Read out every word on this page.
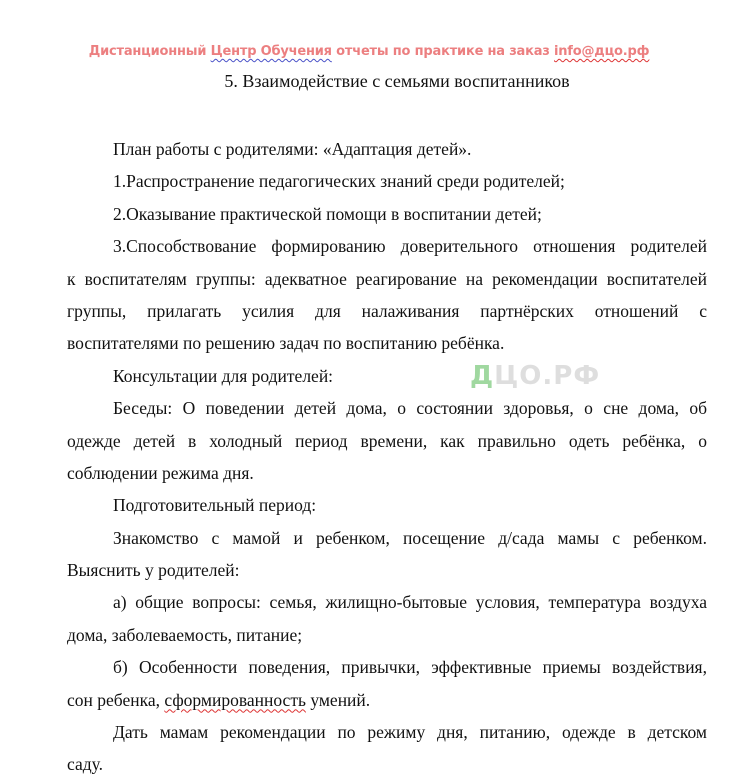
Дистанционный Центр Обучения отчеты по практике на заказ info@дцо.рф
5. Взаимодействие с семьями воспитанников
План работы с родителями: «Адаптация детей».
1.Распространение педагогических знаний среди родителей;
2.Оказывание практической помощи в воспитании детей;
3.Способствование формированию доверительного отношения родителей
к воспитателям группы: адекватное реагирование на рекомендации воспитателей
группы, прилагать усилия для налаживания партнёрских отношений с
воспитателями по решению задач по воспитанию ребёнка.
Консультации для родителей:
Беседы: О поведении детей дома, о состоянии здоровья, о сне дома, об
одежде детей в холодный период времени, как правильно одеть ребёнка, о
соблюдении режима дня.
Подготовительный период:
Знакомство с мамой и ребенком, посещение д/сада мамы с ребенком.
Выяснить у родителей:
а) общие вопросы: семья, жилищно-бытовые условия, температура воздуха
дома, заболеваемость, питание;
б) Особенности поведения, привычки, эффективные приемы воздействия,
сон ребенка, сформированность умений.
Дать мамам рекомендации по режиму дня, питанию, одежде в детском
саду.
ДЦО.РФ
